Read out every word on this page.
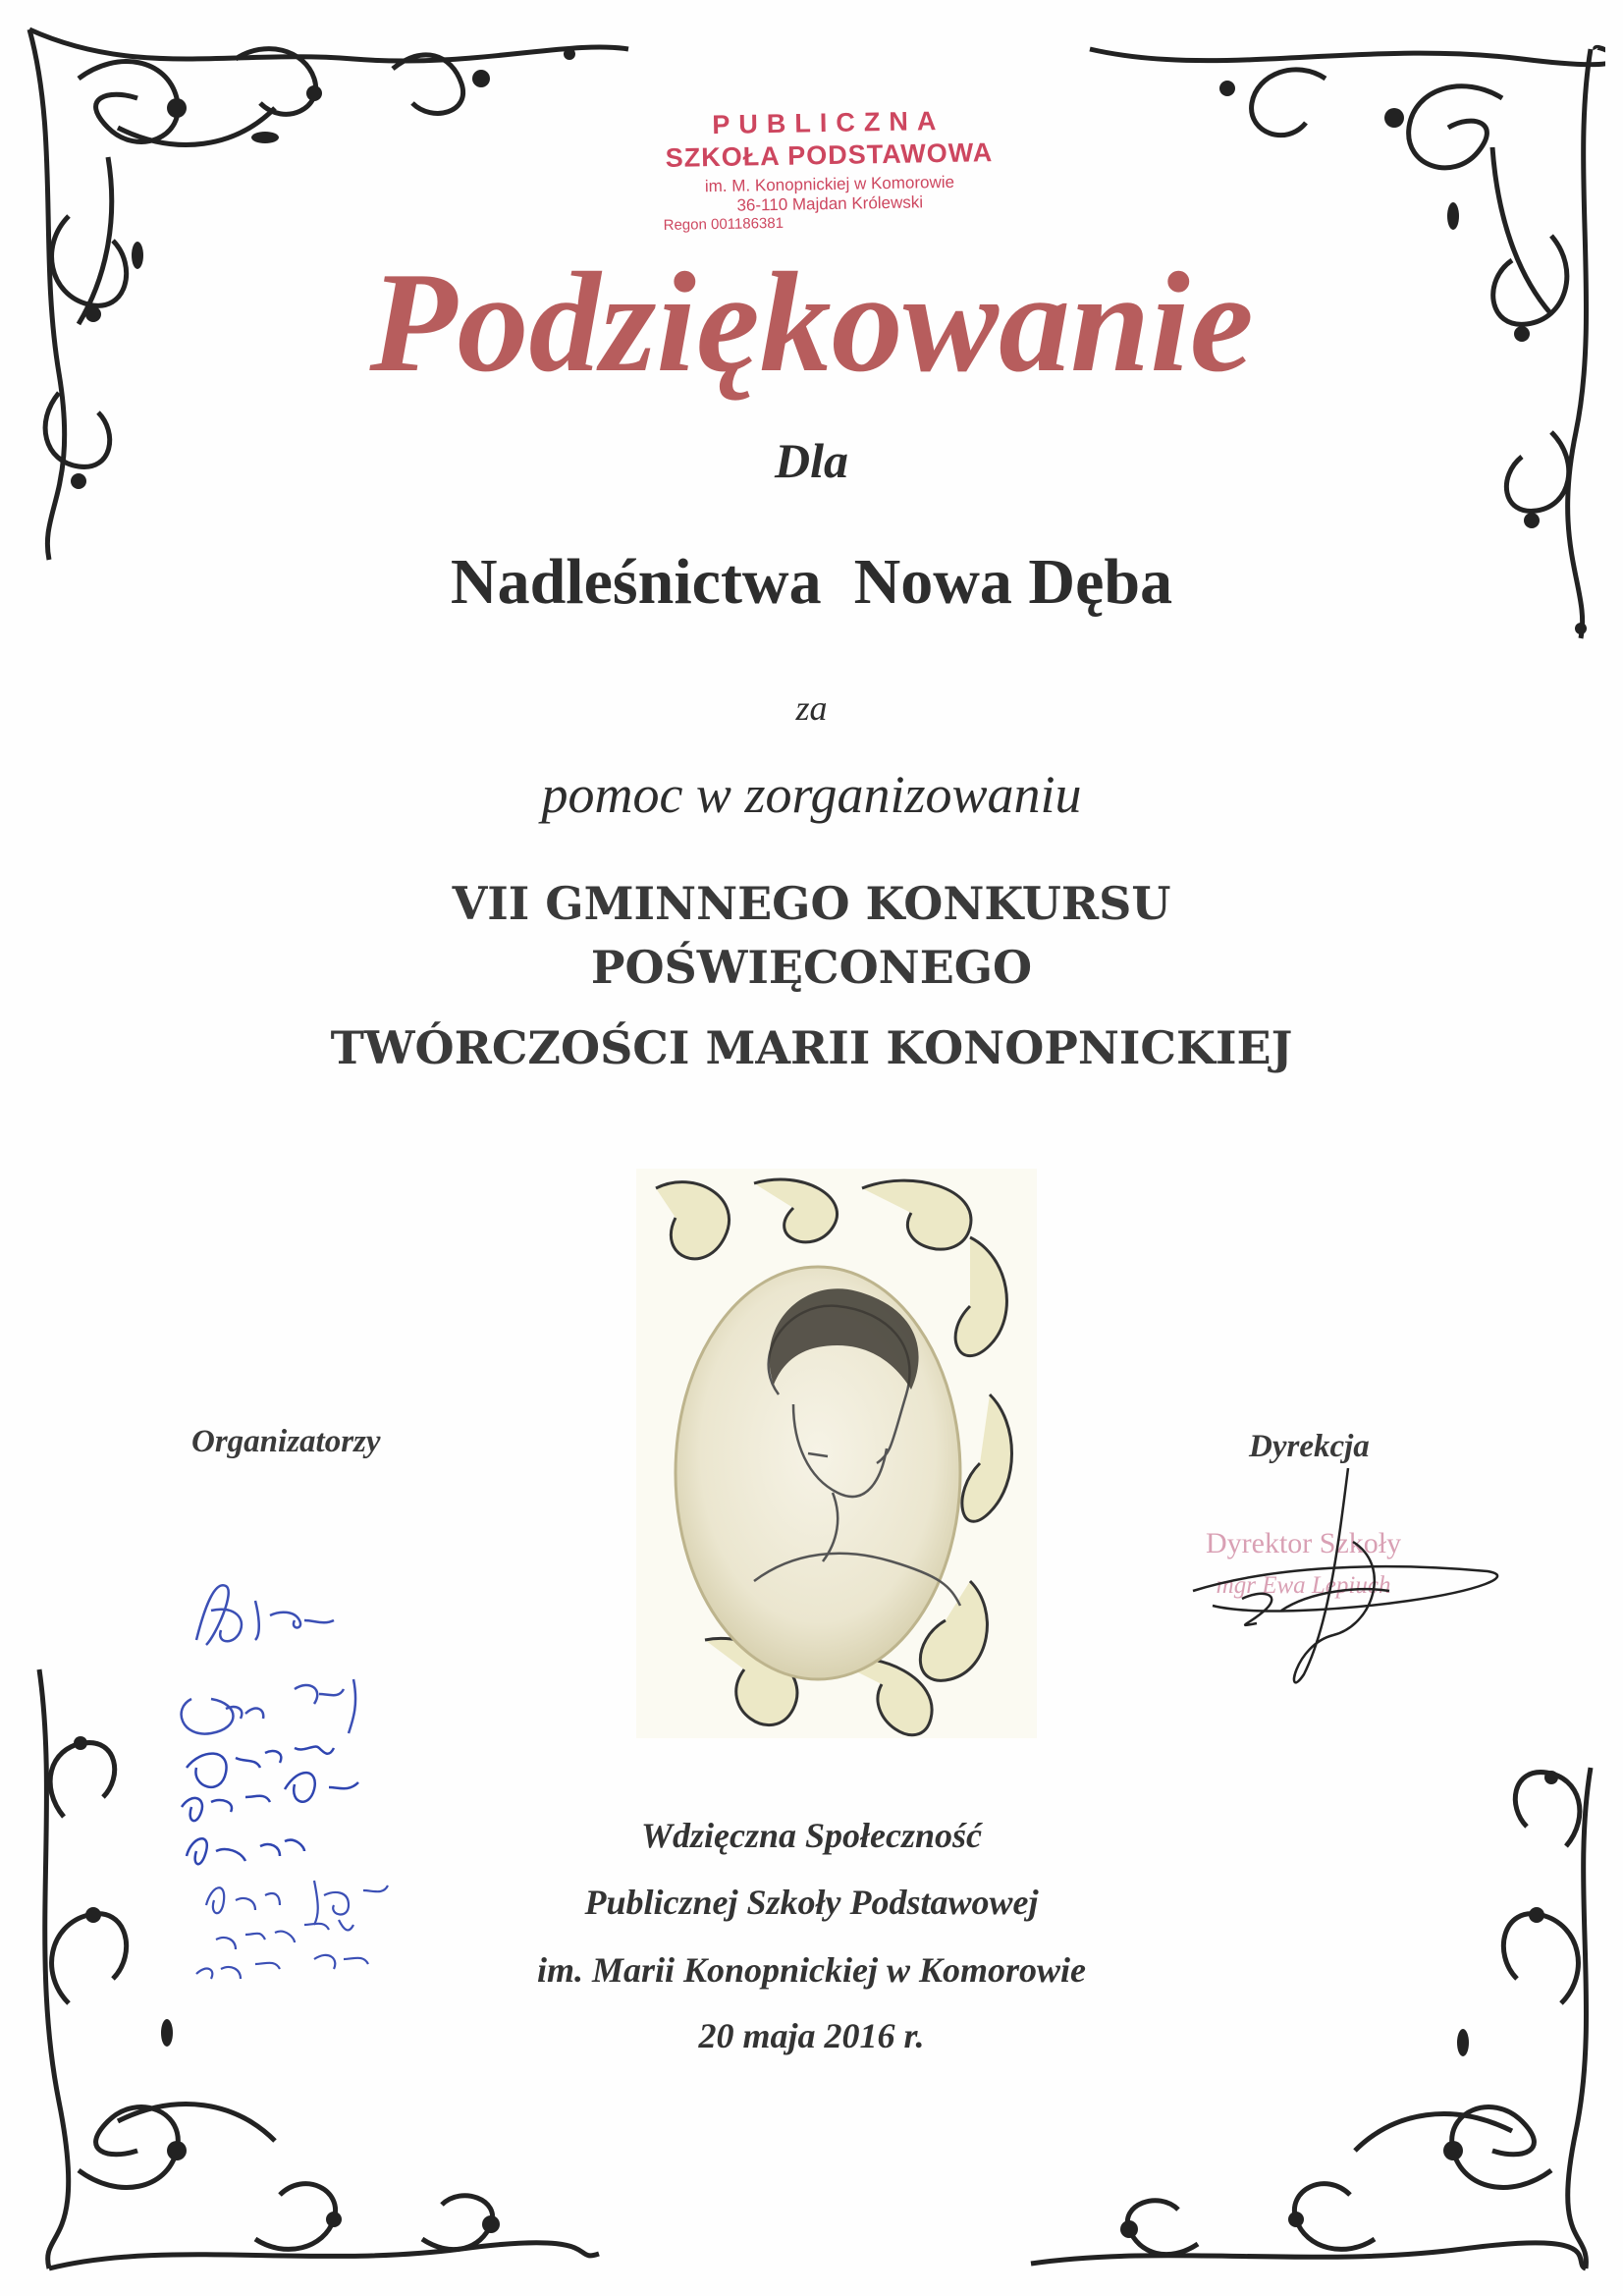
PUBLICZNA
SZKOŁA PODSTAWOWA
im. M. Konopnickiej w Komorowie
36-110 Majdan Królewski
Regon 001186381
Podziękowanie
Dla
Nadleśnictwa  Nowa Dęba
za
pomoc w zorganizowaniu
VII GMINNEGO KONKURSU
POŚWIĘCONEGO
TWÓRCZOŚCI MARII KONOPNICKIEJ
Organizatorzy	Dyrekcja
Dyrektor Szkoły
mgr Ewa Lepiuch
Wdzięczna Społeczność
Publicznej Szkoły Podstawowej
im. Marii Konopnickiej w Komorowie
20 maja 2016 r.
